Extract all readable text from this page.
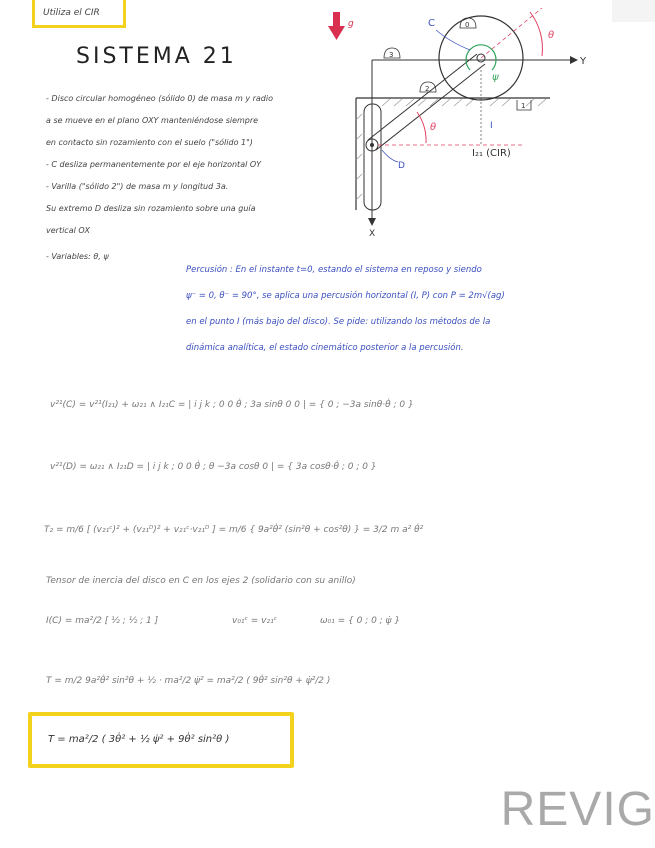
Utiliza el CIR
SISTEMA 21
- Disco circular homogéneo (sólido 0) de masa m y radio
a se mueve en el plano OXY manteniéndose siempre
en contacto sin rozamiento con el suelo ("sólido 1")
- C desliza permanentemente por el eje horizontal OY
- Varilla ("sólido 2") de masa m y longitud 3a.
Su extremo D desliza sin rozamiento sobre una guía
vertical OX
- Variables: θ, ψ
g
Y
X
ψ
θ
θ
C
I₂₁ (CIR)
I
D
0
3
2
1
Percusión : En el instante t=0, estando el sistema en reposo y siendo
ψ⁻ = 0, θ⁻ = 90°, se aplica una percusión horizontal (I, P) con P = 2m√(ag)
en el punto I (más bajo del disco). Se pide: utilizando los métodos de la
dinámica analítica, el estado cinemático posterior a la percusión.
v²¹(C) = v²¹(I₂₁) + ω₂₁ ∧ I₂₁C = | i j k ; 0 0 θ̇ ; 3a sinθ 0 0 | = { 0 ; −3a sinθ·θ̇ ; 0 }
v²¹(D) = ω₂₁ ∧ I₂₁D = | i j k ; 0 0 θ̇ ; θ −3a cosθ 0 | = { 3a cosθ·θ̇ ; 0 ; 0 }
T₂ = m/6 [ (v₂₁ᶜ)² + (v₂₁ᴰ)² + v₂₁ᶜ·v₂₁ᴰ ] = m/6 { 9a²θ̇² (sin²θ + cos²θ) } = 3/2 m a² θ̇²
Tensor de inercia del disco en C en los ejes 2 (solidario con su anillo)
I(C) = ma²/2 [ ½ ; ½ ; 1 ]	v₀₁ᶜ = v₂₁ᶜ	ω₀₁ = { 0 ; 0 ; ψ̇ }
T = m/2 9a²θ̇² sin²θ + ½ · ma²/2 ψ̇² = ma²/2 ( 9θ̇² sin²θ + ψ̇²/2 )
T = ma²/2 ( 3θ̇² + ½ ψ̇² + 9θ̇² sin²θ )
REVIG
